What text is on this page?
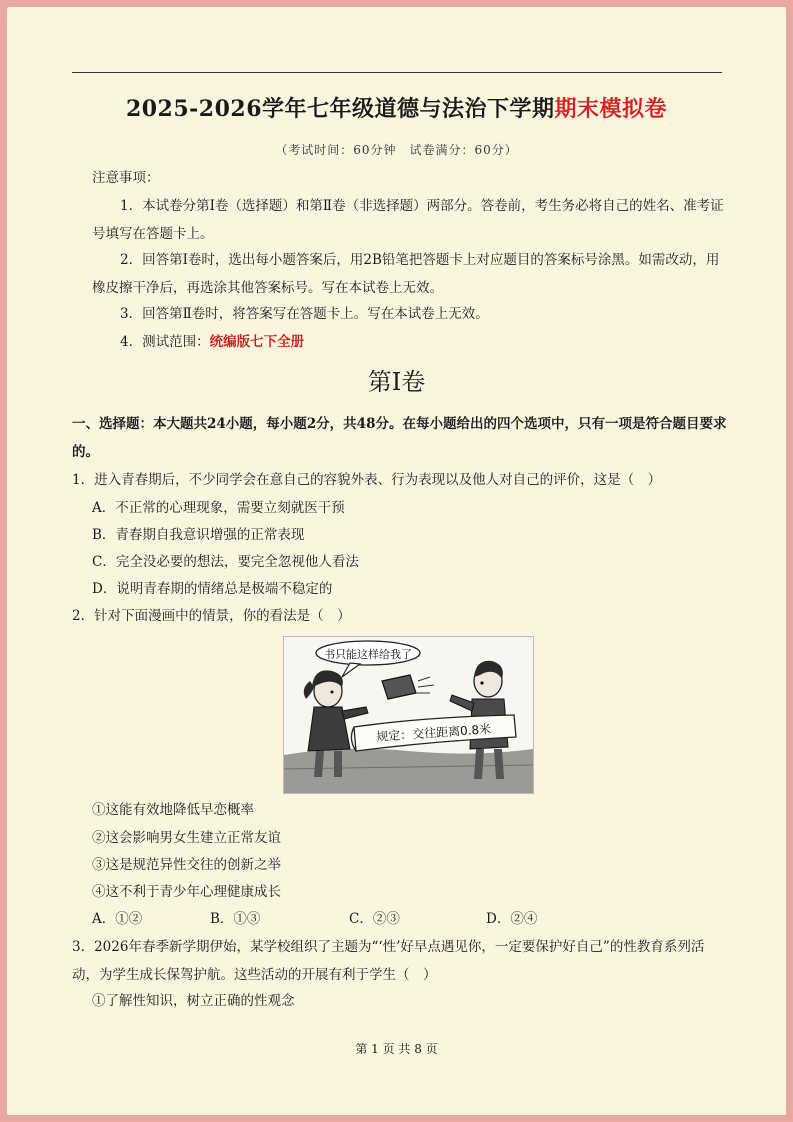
2025-2026学年七年级道德与法治下学期期末模拟卷
（考试时间：60分钟　试卷满分：60分）
注意事项：
1．本试卷分第Ⅰ卷（选择题）和第Ⅱ卷（非选择题）两部分。答卷前，考生务必将自己的姓名、准考证号填写在答题卡上。
2．回答第Ⅰ卷时，选出每小题答案后，用2B铅笔把答题卡上对应题目的答案标号涂黑。如需改动，用橡皮擦干净后，再选涂其他答案标号。写在本试卷上无效。
3．回答第Ⅱ卷时，将答案写在答题卡上。写在本试卷上无效。
4．测试范围：统编版七下全册
第Ⅰ卷
一、选择题：本大题共24小题，每小题2分，共48分。在每小题给出的四个选项中，只有一项是符合题目要求的。
1．进入青春期后，不少同学会在意自己的容貌外表、行为表现以及他人对自己的评价，这是（　）
A．不正常的心理现象，需要立刻就医干预
B．青春期自我意识增强的正常表现
C．完全没必要的想法，要完全忽视他人看法
D．说明青春期的情绪总是极端不稳定的
2．针对下面漫画中的情景，你的看法是（　）
书只能这样给我了
规定：交往距离0.8米
①这能有效地降低早恋概率
②这会影响男女生建立正常友谊
③这是规范异性交往的创新之举
④这不利于青少年心理健康成长
A．①②	B．①③	C．②③	D．②④
3．2026年春季新学期伊始，某学校组织了主题为“‘性’好早点遇见你，一定要保护好自己”的性教育系列活动，为学生成长保驾护航。这些活动的开展有利于学生（　）
①了解性知识，树立正确的性观念
第 1 页 共 8 页
